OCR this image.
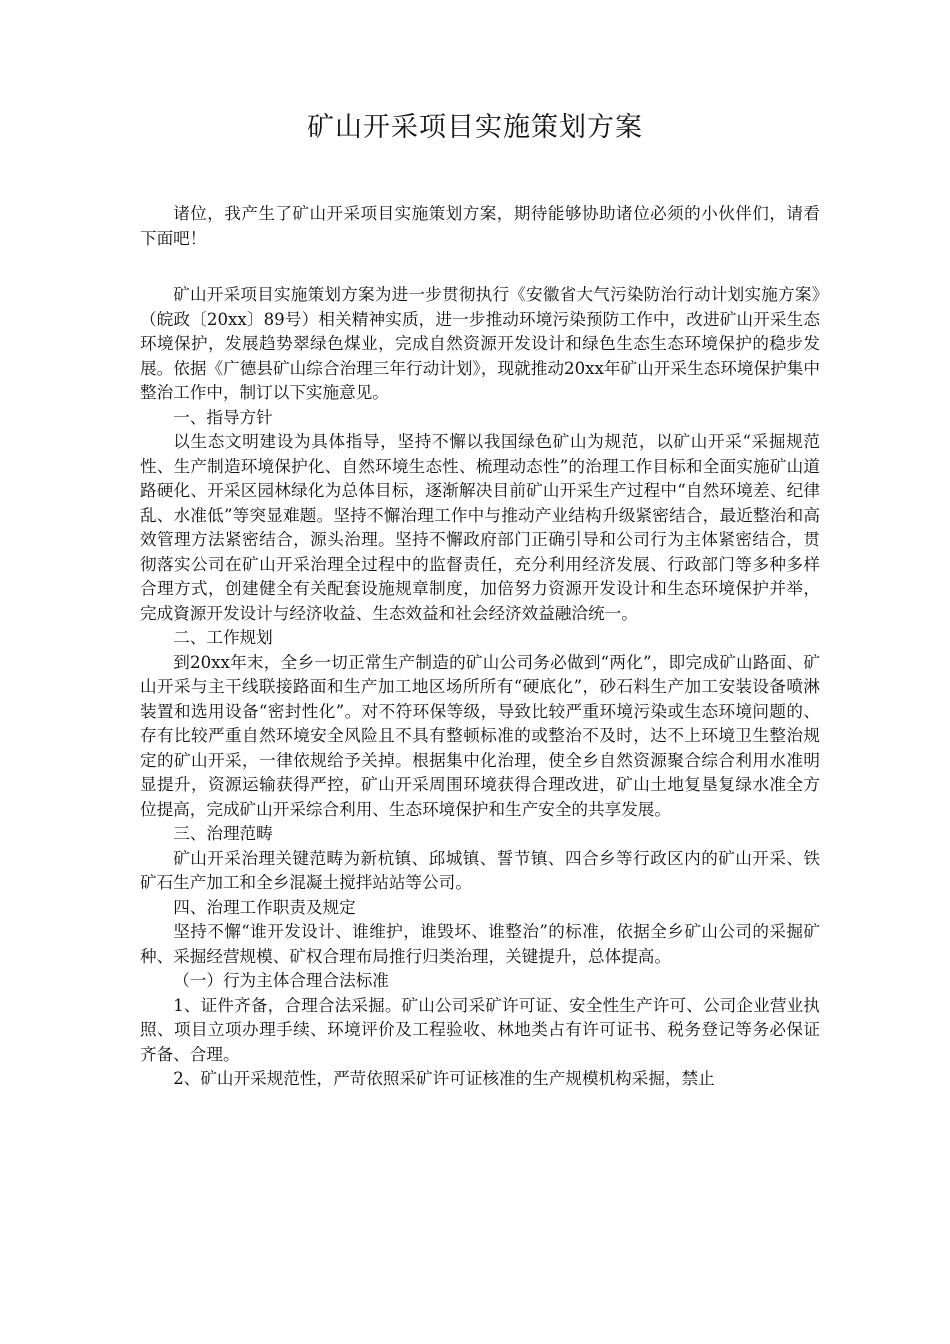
矿山开采项目实施策划方案

诸位，我产生了矿山开采项目实施策划方案，期待能够协助诸位必须的小伙伴们，请看下面吧！

矿山开采项目实施策划方案为进一步贯彻执行《安徽省大气污染防治行动计划实施方案》（皖政〔20xx〕89号）相关精神实质，进一步推动环境污染预防工作中，改进矿山开采生态环境保护，发展趋势翠绿色煤业，完成自然资源开发设计和绿色生态生态环境保护的稳步发展。依据《广德县矿山综合治理三年行动计划》，现就推动20xx年矿山开采生态环境保护集中整治工作中，制订以下实施意见。

一、指导方针

以生态文明建设为具体指导，坚持不懈以我国绿色矿山为规范，以矿山开采“采掘规范性、生产制造环境保护化、自然环境生态性、梳理动态性”的治理工作目标和全面实施矿山道路硬化、开采区园林绿化为总体目标，逐渐解决目前矿山开采生产过程中“自然环境差、纪律乱、水准低”等突显难题。坚持不懈治理工作中与推动产业结构升级紧密结合，最近整治和高效管理方法紧密结合，源头治理。坚持不懈政府部门正确引导和公司行为主体紧密结合，贯彻落实公司在矿山开采治理全过程中的监督责任，充分利用经济发展、行政部门等多种多样合理方式，创建健全有关配套设施规章制度，加倍努力资源开发设计和生态环境保护并举，完成資源开发设计与经济收益、生态效益和社会经济效益融洽统一。

二、工作规划

到20xx年末，全乡一切正常生产制造的矿山公司务必做到“两化”，即完成矿山路面、矿山开采与主干线联接路面和生产加工地区场所所有“硬底化”，砂石料生产加工安装设备喷淋装置和选用设备“密封性化”。对不符环保等级，导致比较严重环境污染或生态环境问题的、存有比较严重自然环境安全风险且不具有整顿标准的或整治不及时，达不上环境卫生整治规定的矿山开采，一律依规给予关掉。根据集中化治理，使全乡自然资源聚合综合利用水准明显提升，资源运输获得严控，矿山开采周围环境获得合理改进，矿山土地复垦复绿水准全方位提高，完成矿山开采综合利用、生态环境保护和生产安全的共享发展。

三、治理范畴

矿山开采治理关键范畴为新杭镇、邱城镇、誓节镇、四合乡等行政区内的矿山开采、铁矿石生产加工和全乡混凝土搅拌站站等公司。

四、治理工作职责及规定

坚持不懈“谁开发设计、谁维护，谁毁坏、谁整治”的标准，依据全乡矿山公司的采掘矿种、采掘经营规模、矿权合理布局推行归类治理，关键提升，总体提高。

（一）行为主体合理合法标准

1、证件齐备，合理合法采掘。矿山公司采矿许可证、安全性生产许可、公司企业营业执照、项目立项办理手续、环境评价及工程验收、林地类占有许可证书、税务登记等务必保证齐备、合理。

2、矿山开采规范性，严苛依照采矿许可证核准的生产规模机构采掘，禁止
